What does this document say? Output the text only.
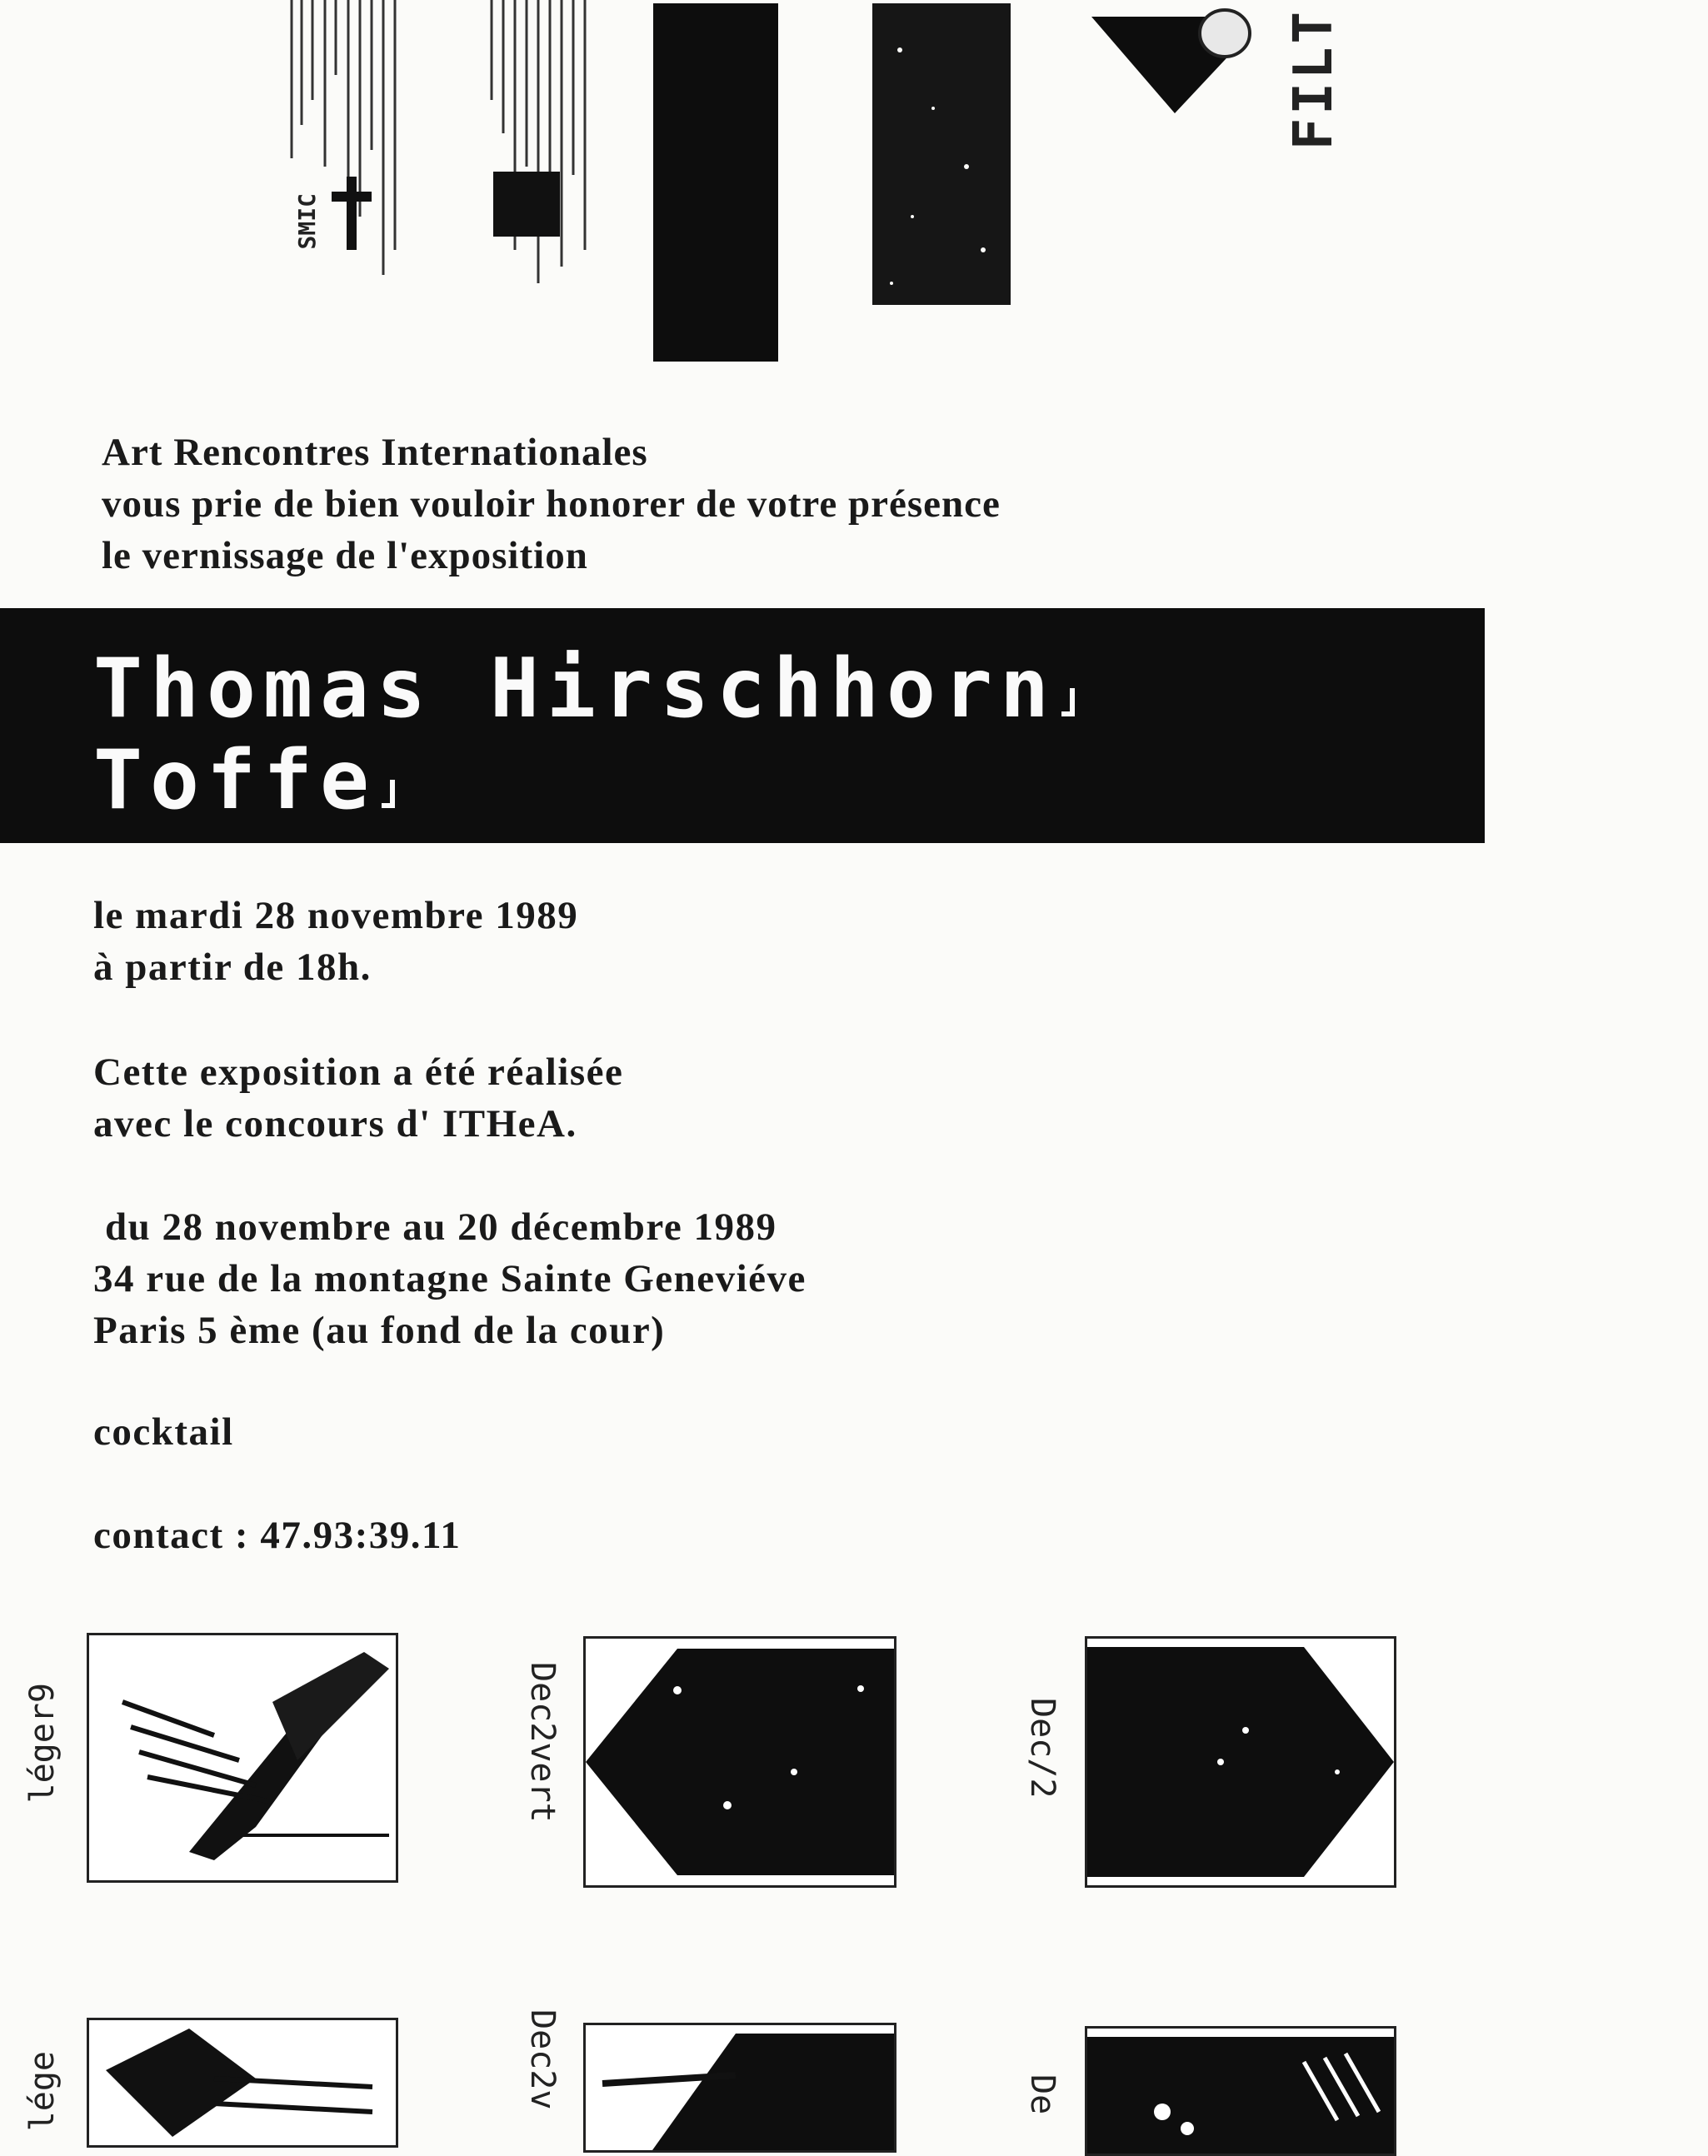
SMIC
FILT
Art Rencontres Internationales
vous prie de bien vouloir honorer de votre présence
le vernissage de l'exposition
Thomas Hirschhorn
Toffe
le mardi 28 novembre 1989
à partir de 18h.
Cette exposition a été réalisée
avec le concours d' ITHeA.
du 28 novembre au 20 décembre 1989
34 rue de la montagne Sainte Geneviéve
Paris 5 ème (au fond de la cour)
cocktail
contact : 47.93:39.11
léger9	Dec2vert	Dec/2
lége	Dec2v	De
